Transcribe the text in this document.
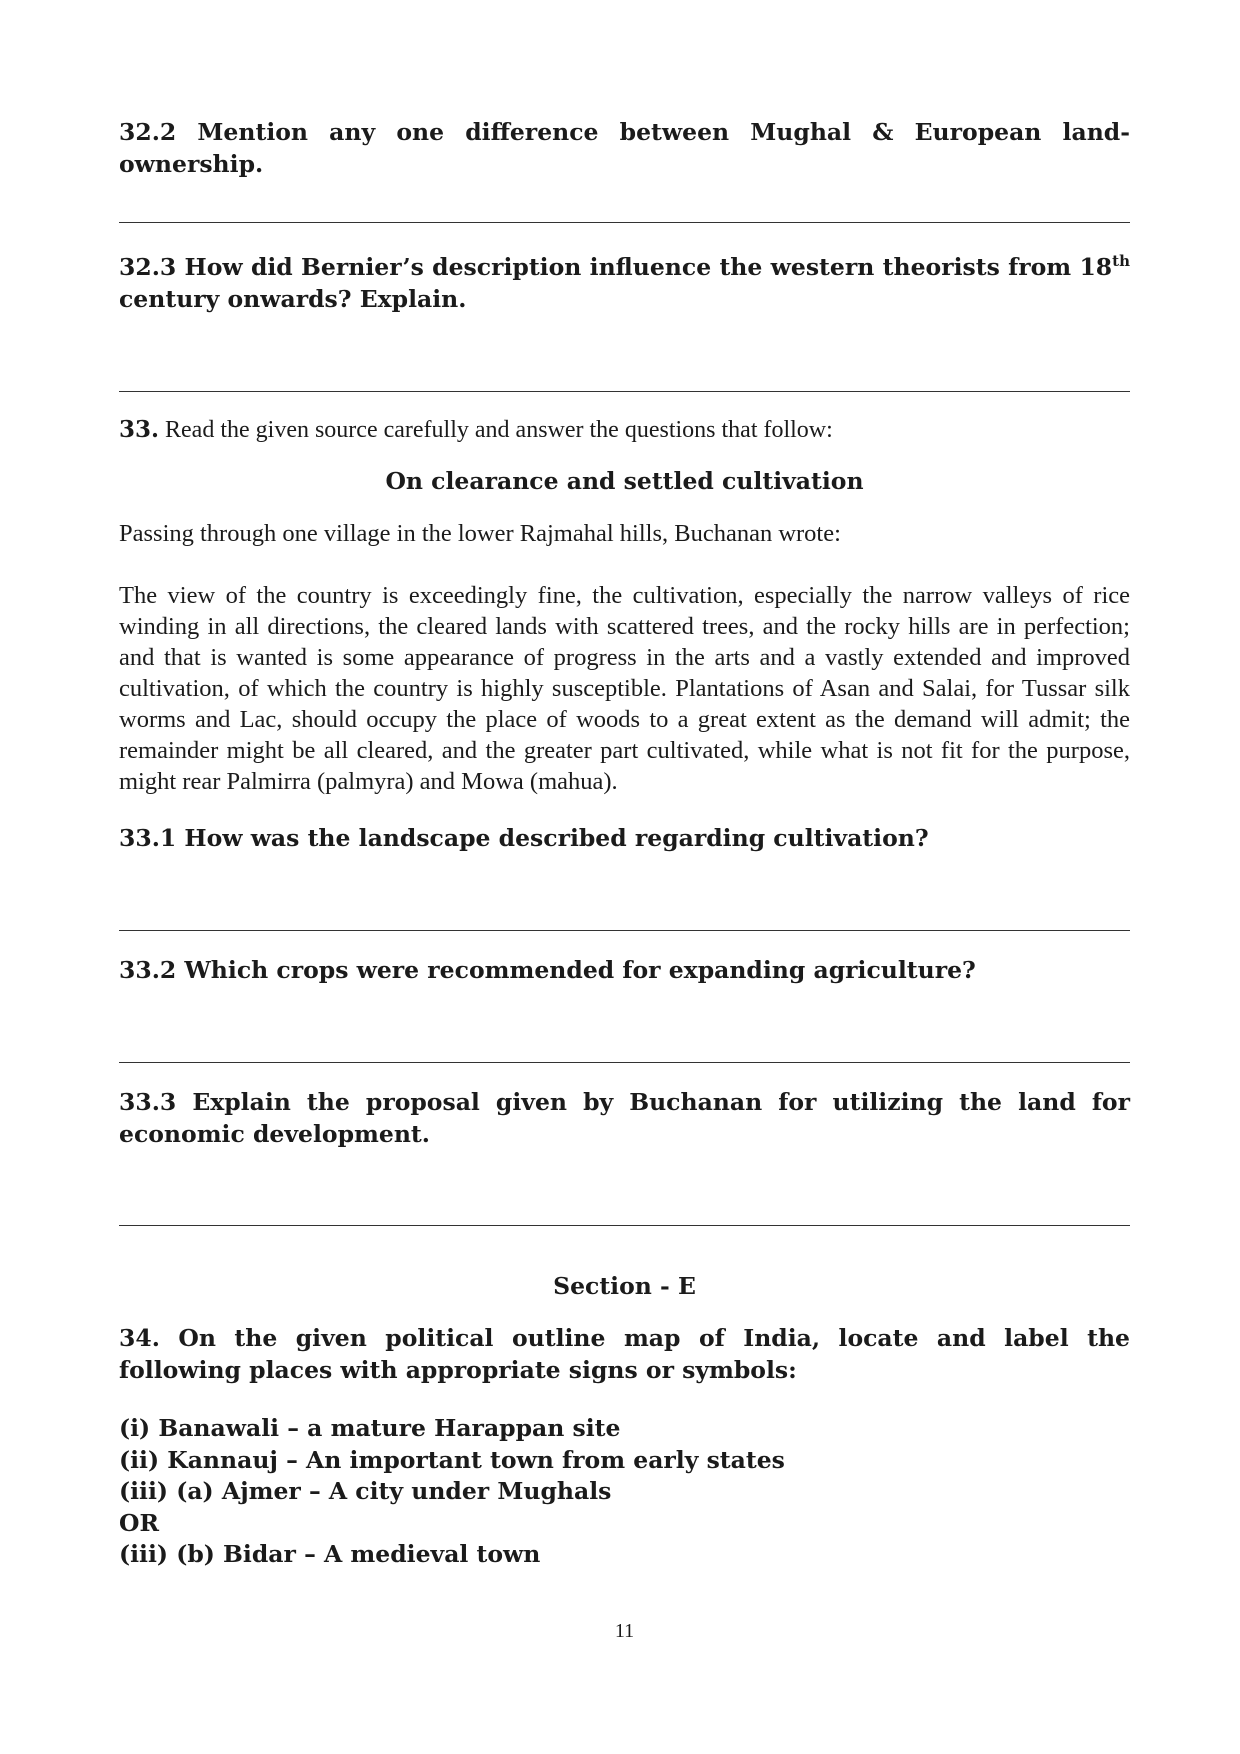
32.2 Mention any one difference between Mughal & European land-ownership.
32.3 How did Bernier’s description influence the western theorists from 18th century onwards? Explain.
33. Read the given source carefully and answer the questions that follow:
On clearance and settled cultivation
Passing through one village in the lower Rajmahal hills, Buchanan wrote:
The view of the country is exceedingly fine, the cultivation, especially the narrow valleys of rice winding in all directions, the cleared lands with scattered trees, and the rocky hills are in perfection; and that is wanted is some appearance of progress in the arts and a vastly extended and improved cultivation, of which the country is highly susceptible. Plantations of Asan and Salai, for Tussar silk worms and Lac, should occupy the place of woods to a great extent as the demand will admit; the remainder might be all cleared, and the greater part cultivated, while what is not fit for the purpose, might rear Palmirra (palmyra) and Mowa (mahua).
33.1 How was the landscape described regarding cultivation?
33.2 Which crops were recommended for expanding agriculture?
33.3 Explain the proposal given by Buchanan for utilizing the land for economic development.
Section - E
34. On the given political outline map of India, locate and label the following places with appropriate signs or symbols:
(i) Banawali – a mature Harappan site
(ii) Kannauj – An important town from early states
(iii) (a) Ajmer – A city under Mughals
OR
(iii) (b) Bidar – A medieval town
11
